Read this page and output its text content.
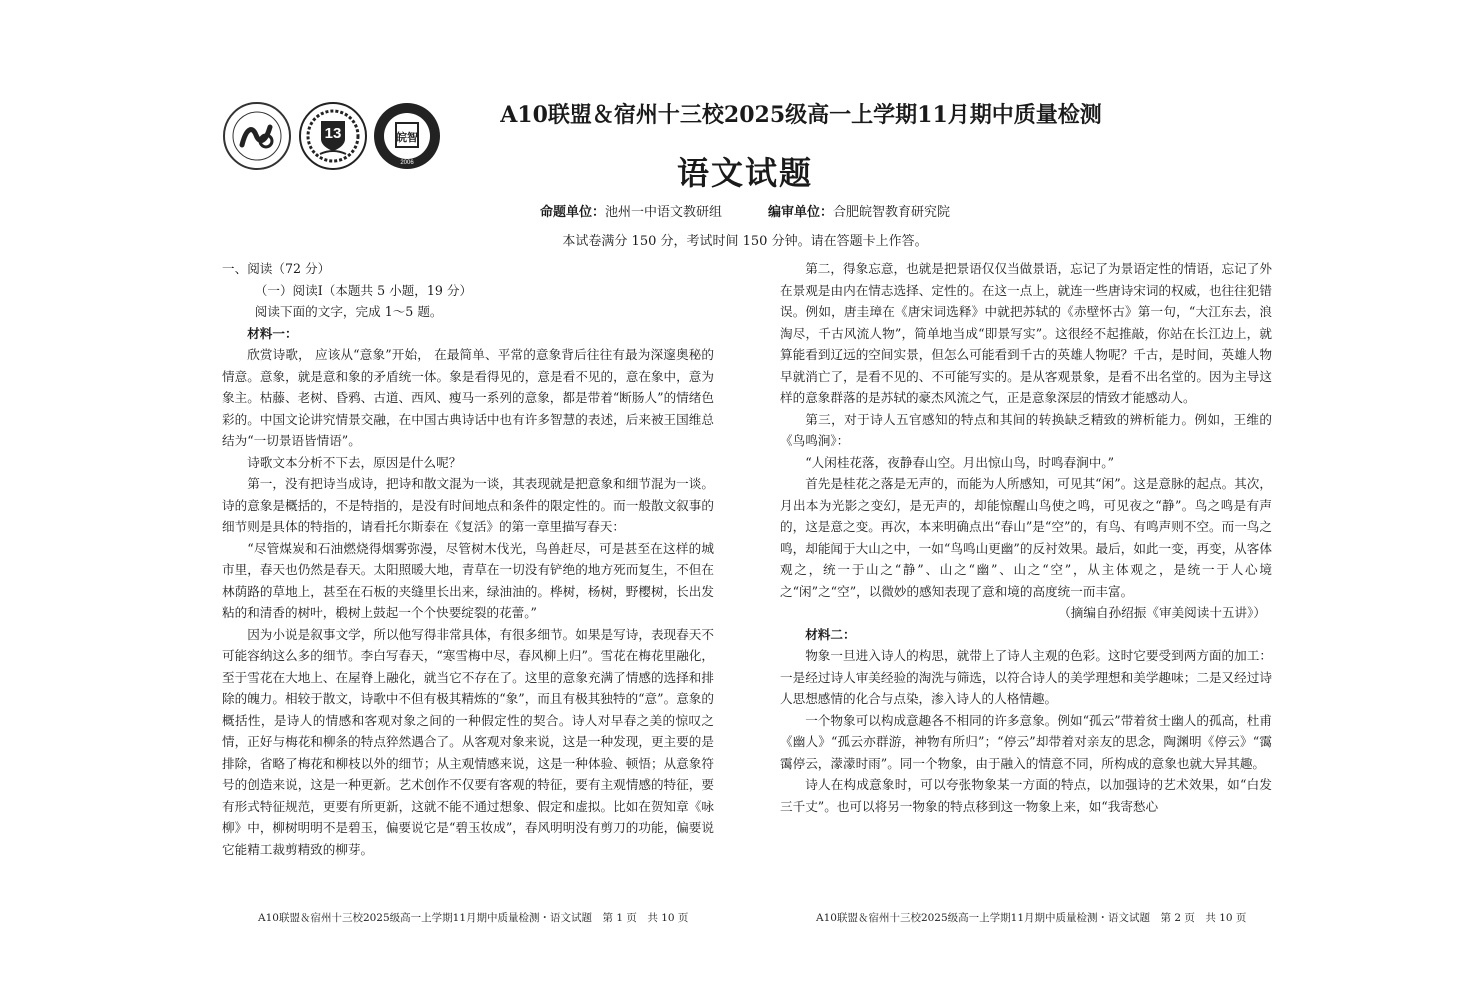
13	皖智
2006
A10联盟＆宿州十三校2025级高一上学期11月期中质量检测
语文试题
命题单位：池州一中语文教研组	编审单位：合肥皖智教育研究院
本试卷满分 150 分，考试时间 150 分钟。请在答题卡上作答。

一、阅读（72 分）

（一）阅读Ⅰ（本题共 5 小题，19 分）

阅读下面的文字，完成 1～5 题。

材料一：

欣赏诗歌， 应该从“意象”开始， 在最简单、平常的意象背后往往有最为深邃奥秘的情意。意象，就是意和象的矛盾统一体。象是看得见的，意是看不见的，意在象中，意为象主。枯藤、老树、昏鸦、古道、西风、瘦马一系列的意象，都是带着“断肠人”的情绪色彩的。中国文论讲究情景交融，在中国古典诗话中也有许多智慧的表述，后来被王国维总结为“一切景语皆情语”。

诗歌文本分析不下去，原因是什么呢？

第一，没有把诗当成诗，把诗和散文混为一谈，其表现就是把意象和细节混为一谈。诗的意象是概括的，不是特指的，是没有时间地点和条件的限定性的。而一般散文叙事的细节则是具体的特指的，请看托尔斯泰在《复活》的第一章里描写春天：

“尽管煤炭和石油燃烧得烟雾弥漫，尽管树木伐光，鸟兽赶尽，可是甚至在这样的城市里，春天也仍然是春天。太阳照暖大地，青草在一切没有铲绝的地方死而复生，不但在林荫路的草地上，甚至在石板的夹缝里长出来，绿油油的。桦树，杨树，野樱树，长出发粘的和清香的树叶，椴树上鼓起一个个快要绽裂的花蕾。”

因为小说是叙事文学，所以他写得非常具体，有很多细节。如果是写诗，表现春天不可能容纳这么多的细节。李白写春天，“寒雪梅中尽，春风柳上归”。雪花在梅花里融化，至于雪花在大地上、在屋脊上融化，就当它不存在了。这里的意象充满了情感的选择和排除的魄力。相较于散文，诗歌中不但有极其精炼的“象”，而且有极其独特的“意”。意象的概括性，是诗人的情感和客观对象之间的一种假定性的契合。诗人对早春之美的惊叹之情，正好与梅花和柳条的特点猝然遇合了。从客观对象来说，这是一种发现，更主要的是排除，省略了梅花和柳枝以外的细节；从主观情感来说，这是一种体验、顿悟；从意象符号的创造来说，这是一种更新。艺术创作不仅要有客观的特征，要有主观情感的特征，要有形式特征规范，更要有所更新，这就不能不通过想象、假定和虚拟。比如在贺知章《咏柳》中，柳树明明不是碧玉，偏要说它是“碧玉妆成”，春风明明没有剪刀的功能，偏要说它能精工裁剪精致的柳芽。

第二，得象忘意，也就是把景语仅仅当做景语，忘记了为景语定性的情语，忘记了外在景观是由内在情志选择、定性的。在这一点上，就连一些唐诗宋词的权威，也往往犯错误。例如，唐圭璋在《唐宋词选释》中就把苏轼的《赤壁怀古》第一句，“大江东去，浪淘尽，千古风流人物”，简单地当成“即景写实”。这很经不起推敲，你站在长江边上，就算能看到辽远的空间实景，但怎么可能看到千古的英雄人物呢？千古，是时间，英雄人物早就消亡了，是看不见的、不可能写实的。是从客观景象，是看不出名堂的。因为主导这样的意象群落的是苏轼的豪杰风流之气，正是意象深层的情致才能感动人。

第三，对于诗人五官感知的特点和其间的转换缺乏精致的辨析能力。例如，王维的《鸟鸣涧》：

“人闲桂花落，夜静春山空。月出惊山鸟，时鸣春涧中。”

首先是桂花之落是无声的，而能为人所感知，可见其“闲”。这是意脉的起点。其次，月出本为光影之变幻，是无声的，却能惊醒山鸟使之鸣，可见夜之“静”。鸟之鸣是有声的，这是意之变。再次，本来明确点出“春山”是“空”的，有鸟、有鸣声则不空。而一鸟之鸣，却能闻于大山之中，一如“鸟鸣山更幽”的反衬效果。最后，如此一变，再变，从客体观之，统一于山之“静”、山之“幽”、山之“空”，从主体观之，是统一于人心境之“闲”之“空”，以微妙的感知表现了意和境的高度统一而丰富。

（摘编自孙绍振《审美阅读十五讲》）

材料二：

物象一旦进入诗人的构思，就带上了诗人主观的色彩。这时它要受到两方面的加工：一是经过诗人审美经验的淘洗与筛选，以符合诗人的美学理想和美学趣味；二是又经过诗人思想感情的化合与点染，渗入诗人的人格情趣。

一个物象可以构成意趣各不相同的许多意象。例如“孤云”带着贫士幽人的孤高，杜甫《幽人》“孤云亦群游，神物有所归”；“停云”却带着对亲友的思念，陶渊明《停云》“霭霭停云，濛濛时雨”。同一个物象，由于融入的情意不同，所构成的意象也就大异其趣。

诗人在构成意象时，可以夸张物象某一方面的特点，以加强诗的艺术效果，如“白发三千丈”。也可以将另一物象的特点移到这一物象上来，如“我寄愁心

A10联盟＆宿州十三校2025级高一上学期11月期中质量检测・语文试题　第 1 页　共 10 页	A10联盟＆宿州十三校2025级高一上学期11月期中质量检测・语文试题　第 2 页　共 10 页
